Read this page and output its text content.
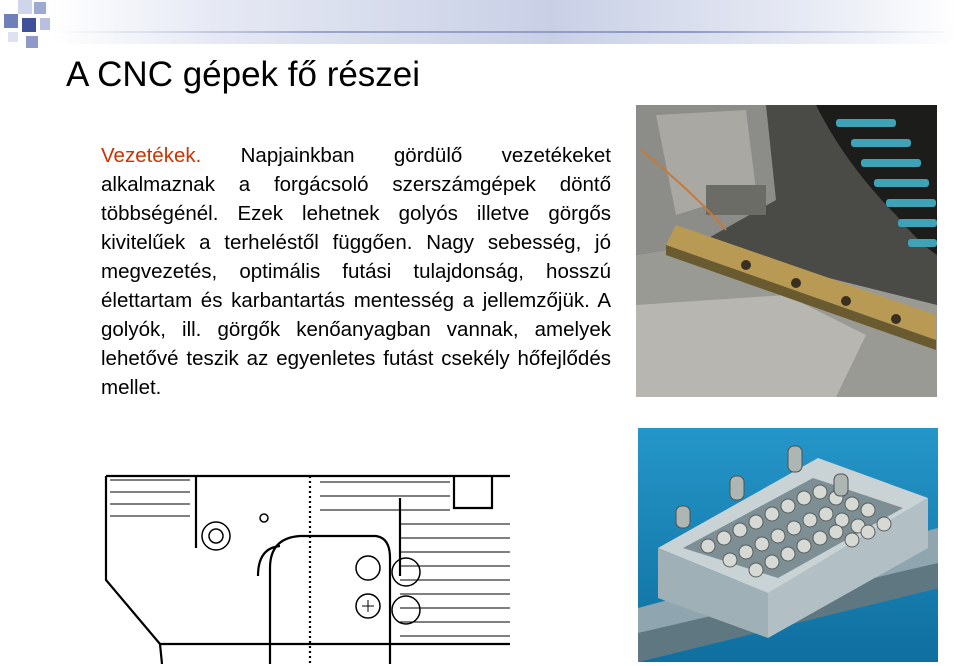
A CNC gépek fő részei

Vezetékek. Napjainkban gördülő vezetékeket alkalmaznak a forgácsoló szerszámgépek döntő többségénél. Ezek lehetnek golyós illetve görgős kivitelűek a terheléstől függően. Nagy sebesség, jó megvezetés, optimális futási tulajdonság, hosszú élettartam és karbantartás mentesség a jellemzőjük. A golyók, ill. görgők kenőanyagban vannak, amelyek lehetővé teszik az egyenletes futást csekély hőfejlődés mellet.
